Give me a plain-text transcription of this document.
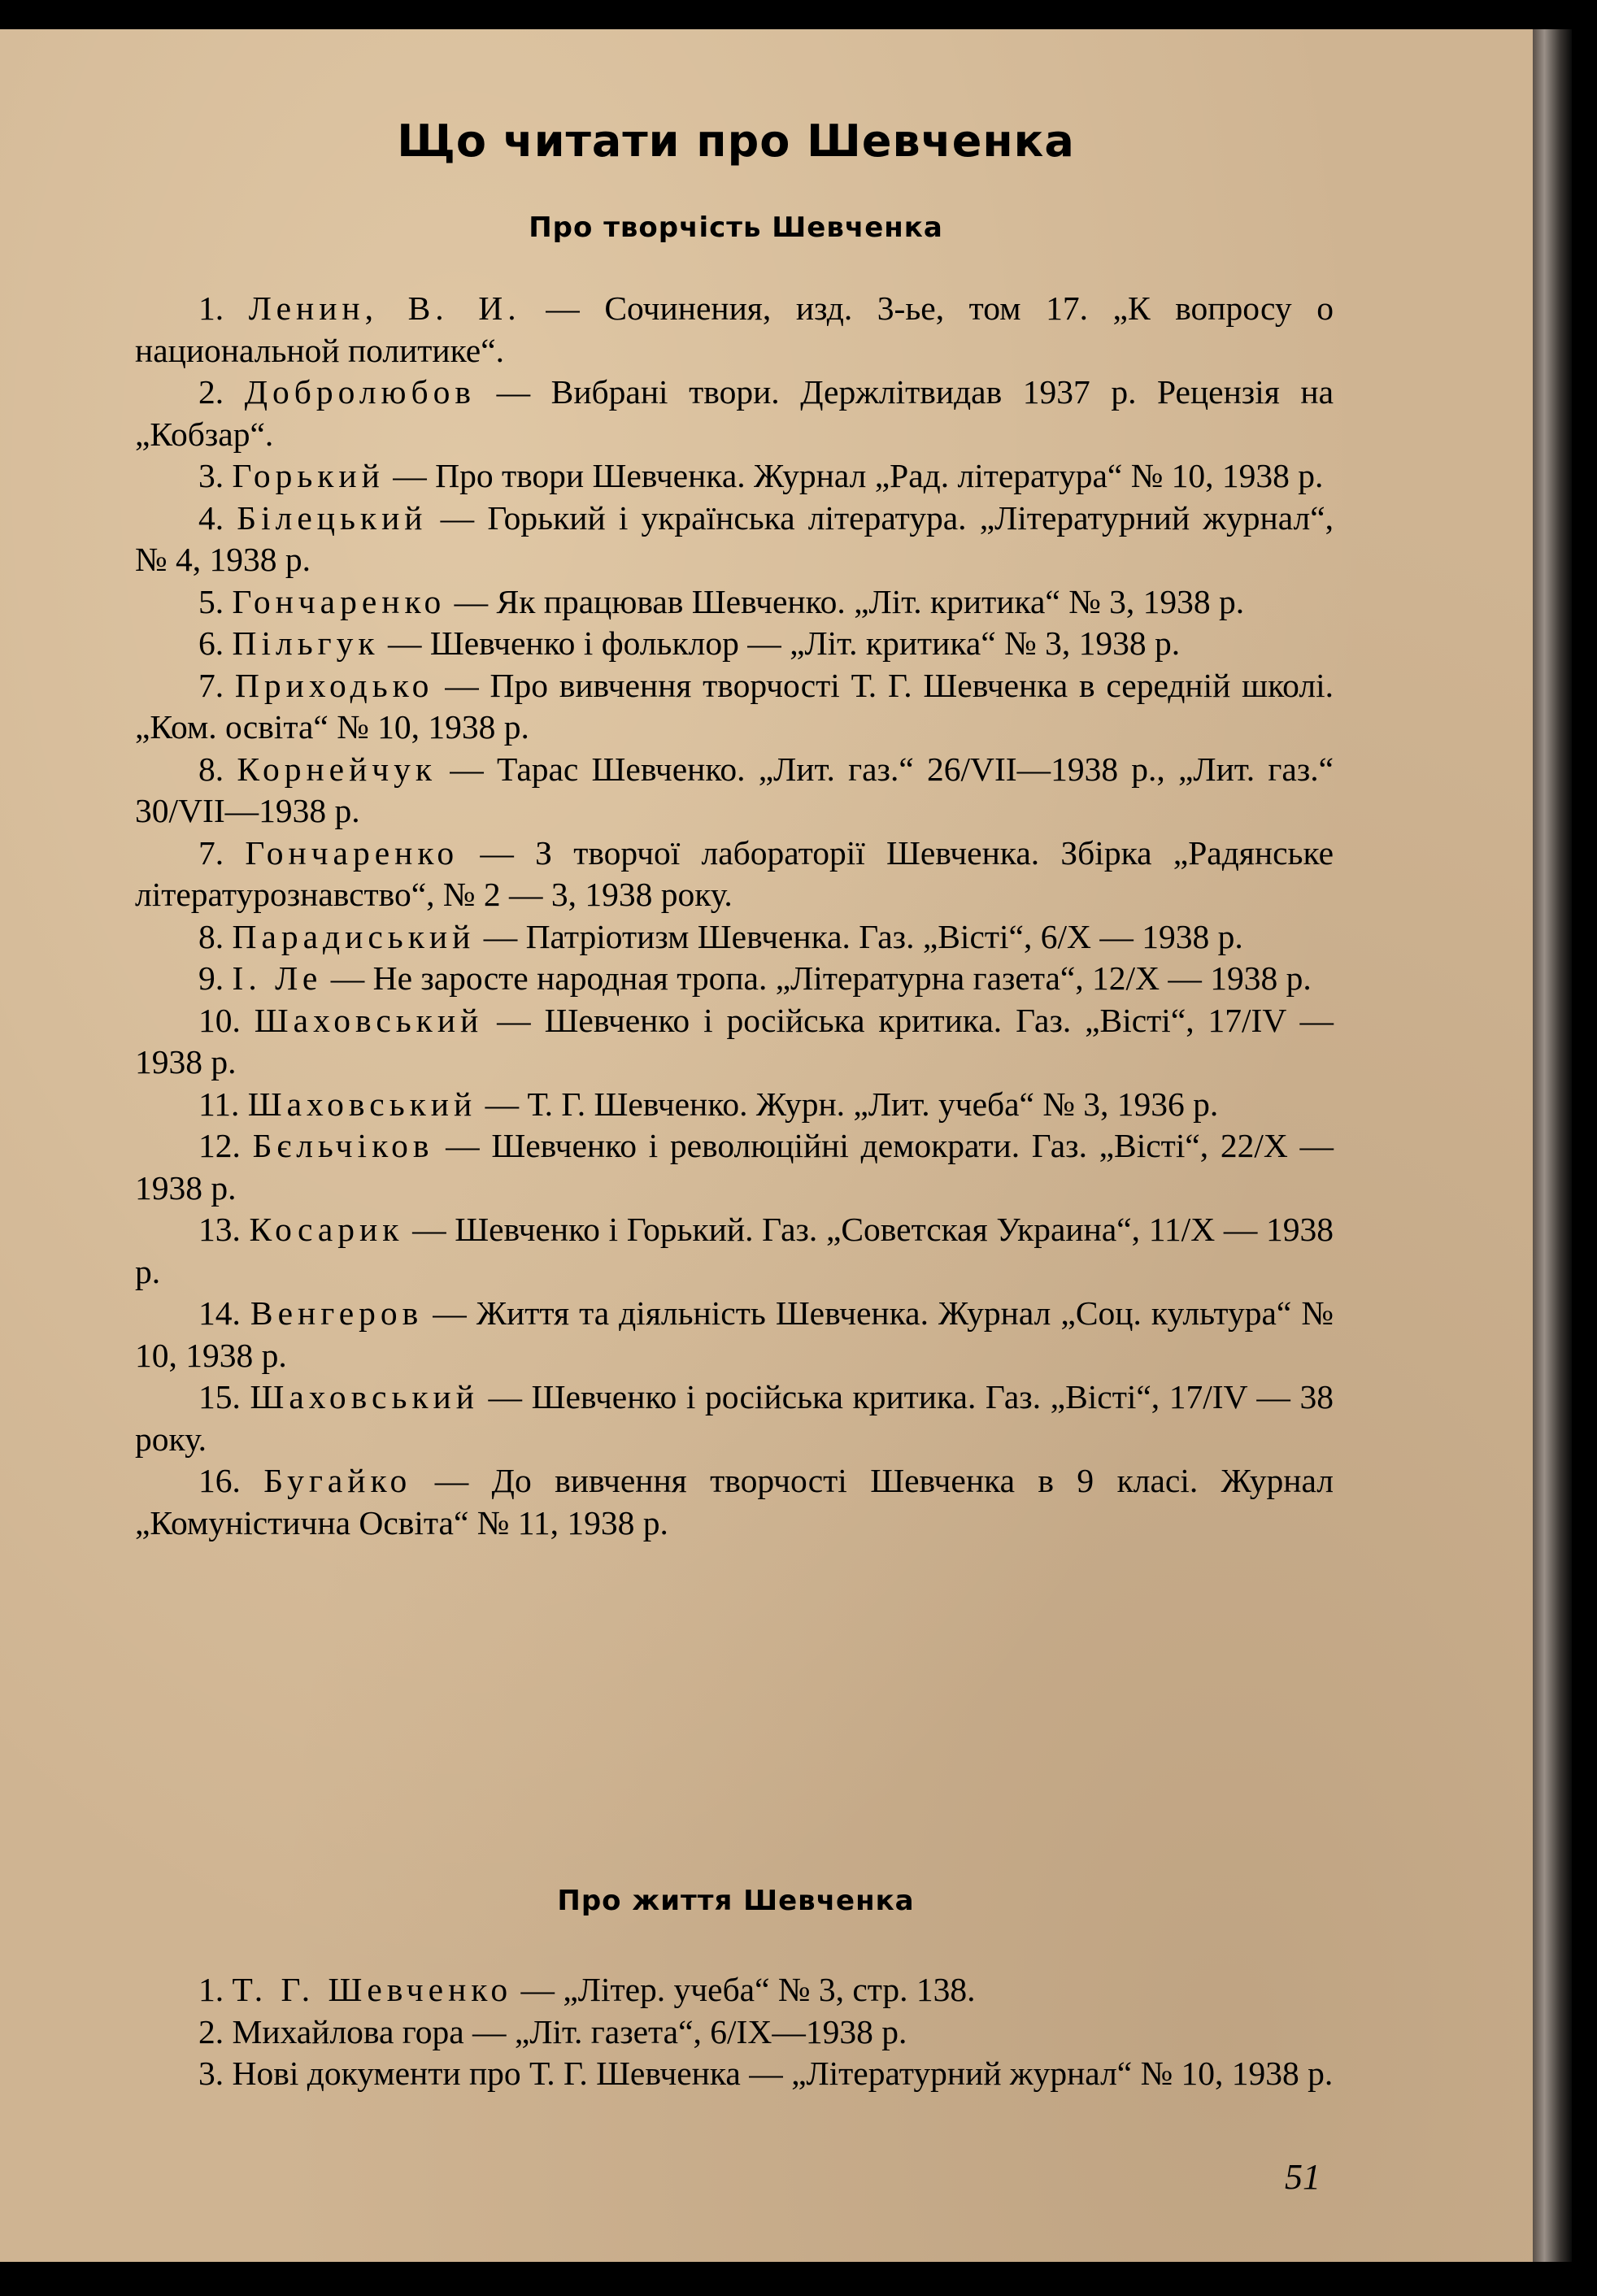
Що читати про Шевченка
Про творчість Шевченка
1. Ленин, В. И. — Сочинения, изд. 3-ье, том 17. „К вопросу о национальной политике“.
2. Добролюбов — Вибрані твори. Держлітвидав 1937 р. Рецензія на „Кобзар“.
3. Горький — Про твори Шевченка. Журнал „Рад. література“ № 10, 1938 р.
4. Білецький — Горький і українська література. „Літературний журнал“, № 4, 1938 р.
5. Гончаренко — Як працював Шевченко. „Літ. критика“ № 3, 1938 р.
6. Пільгук — Шевченко і фольклор — „Літ. критика“ № 3, 1938 р.
7. Приходько — Про вивчення творчості Т. Г. Шевченка в середній школі. „Ком. освіта“ № 10, 1938 р.
8. Корнейчук — Тарас Шевченко. „Лит. газ.“ 26/VII—1938 р., „Лит. газ.“ 30/VII—1938 р.
7. Гончаренко — З творчої лабораторії Шевченка. Збірка „Радянське літературознавство“, № 2 — 3, 1938 року.
8. Парадиський — Патріотизм Шевченка. Газ. „Вісті“, 6/X — 1938 р.
9. І. Ле — Не заросте народная тропа. „Літературна газета“, 12/X — 1938 р.
10. Шаховський — Шевченко і російська критика. Газ. „Вісті“, 17/IV — 1938 р.
11. Шаховський — Т. Г. Шевченко. Журн. „Лит. учеба“ № 3, 1936 р.
12. Бєльчіков — Шевченко і революційні демократи. Газ. „Вісті“, 22/X — 1938 р.
13. Косарик — Шевченко і Горький. Газ. „Советская Украина“, 11/X — 1938 р.
14. Венгеров — Життя та діяльність Шевченка. Журнал „Соц. культура“ № 10, 1938 р.
15. Шаховський — Шевченко і російська критика. Газ. „Вісті“, 17/IV — 38 року.
16. Бугайко — До вивчення творчості Шевченка в 9 класі. Журнал „Комуністична Освіта“ № 11, 1938 р.
Про життя Шевченка
1. Т. Г. Шевченко — „Літер. учеба“ № 3, стр. 138.
2. Михайлова гора — „Літ. газета“, 6/IX—1938 р.
3. Нові документи про Т. Г. Шевченка — „Літературний журнал“ № 10, 1938 р.
51
